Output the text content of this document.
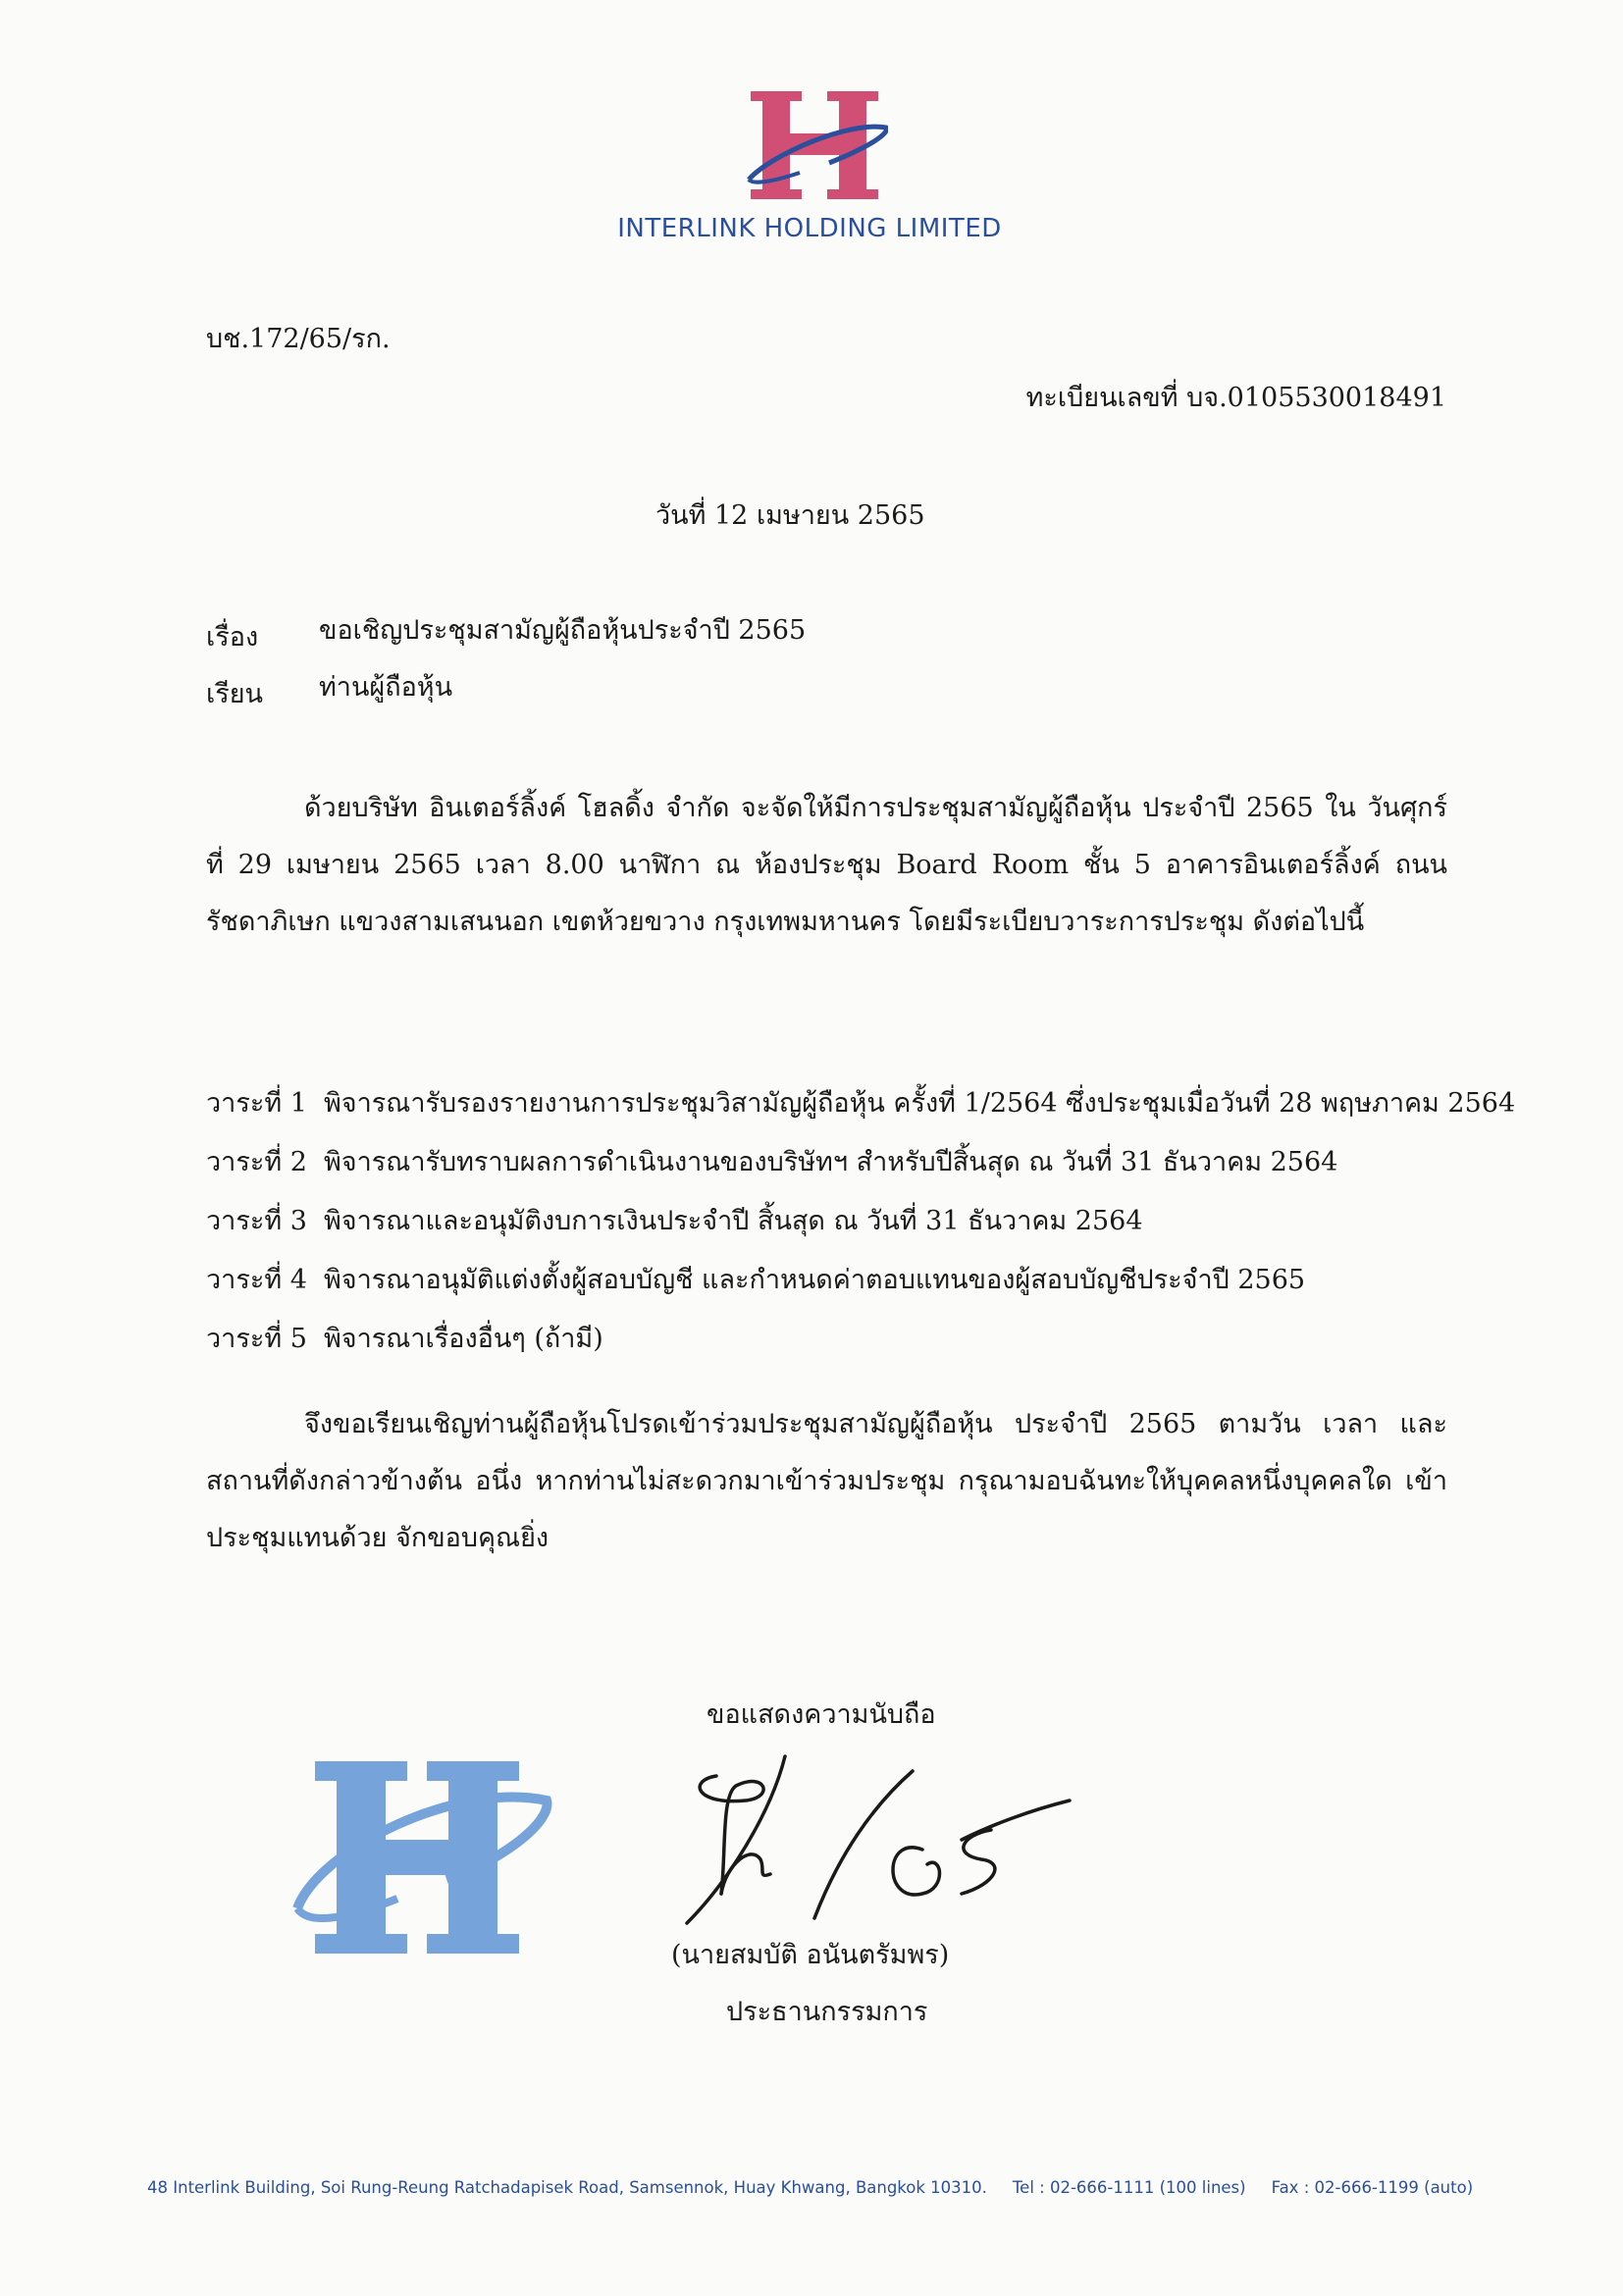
INTERLINK HOLDING LIMITED
บช.172/65/รก.
ทะเบียนเลขที่ บจ.0105530018491
วันที่ 12 เมษายน 2565
เรื่อง ขอเชิญประชุมสามัญผู้ถือหุ้นประจำปี 2565
เรียน ท่านผู้ถือหุ้น
ด้วยบริษัท อินเตอร์ลิ้งค์ โฮลดิ้ง จำกัด จะจัดให้มีการประชุมสามัญผู้ถือหุ้น ประจำปี 2565 ใน วันศุกร์ ที่ 29 เมษายน 2565 เวลา 8.00 นาฬิกา ณ ห้องประชุม Board Room ชั้น 5 อาคารอินเตอร์ลิ้งค์ ถนนรัชดาภิเษก แขวงสามเสนนอก เขตห้วยขวาง กรุงเทพมหานคร โดยมีระเบียบวาระการประชุม ดังต่อไปนี้
วาระที่ 1 พิจารณารับรองรายงานการประชุมวิสามัญผู้ถือหุ้น ครั้งที่ 1/2564 ซึ่งประชุมเมื่อวันที่ 28 พฤษภาคม 2564
วาระที่ 2 พิจารณารับทราบผลการดำเนินงานของบริษัทฯ สำหรับปีสิ้นสุด ณ วันที่ 31 ธันวาคม 2564
วาระที่ 3 พิจารณาและอนุมัติงบการเงินประจำปี สิ้นสุด ณ วันที่ 31 ธันวาคม 2564
วาระที่ 4 พิจารณาอนุมัติแต่งตั้งผู้สอบบัญชี และกำหนดค่าตอบแทนของผู้สอบบัญชีประจำปี 2565
วาระที่ 5 พิจารณาเรื่องอื่นๆ (ถ้ามี)
จึงขอเรียนเชิญท่านผู้ถือหุ้นโปรดเข้าร่วมประชุมสามัญผู้ถือหุ้น ประจำปี 2565 ตามวัน เวลา และ สถานที่ดังกล่าวข้างต้น อนึ่ง หากท่านไม่สะดวกมาเข้าร่วมประชุม กรุณามอบฉันทะให้บุคคลหนึ่งบุคคลใด เข้าประชุมแทนด้วย จักขอบคุณยิ่ง
ขอแสดงความนับถือ
(นายสมบัติ อนันตรัมพร)
ประธานกรรมการ
48 Interlink Building, Soi Rung-Reung Ratchadapisek Road, Samsennok, Huay Khwang, Bangkok 10310. Tel : 02-666-1111 (100 lines) Fax : 02-666-1199 (auto)
